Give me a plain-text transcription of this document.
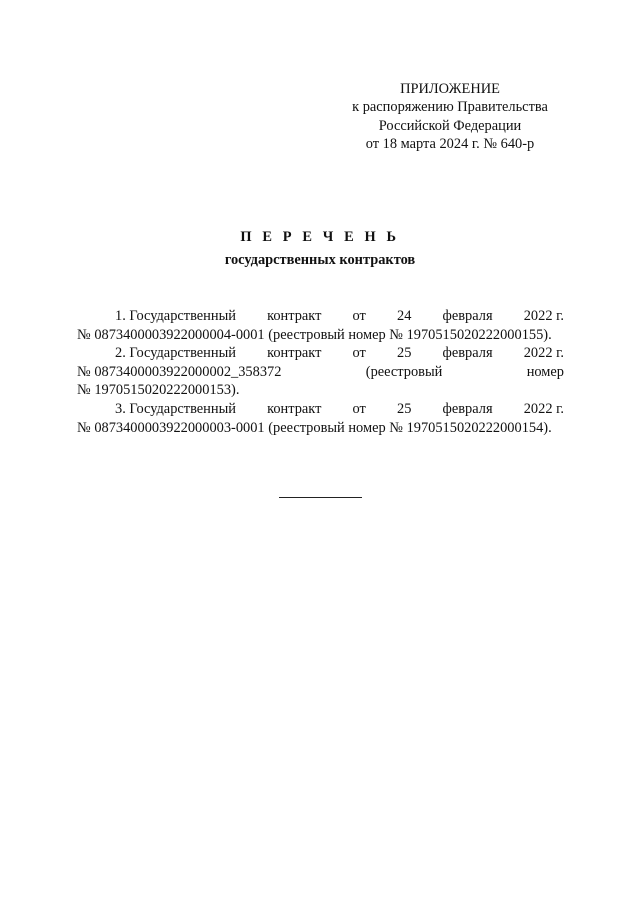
ПРИЛОЖЕНИЕ
к распоряжению Правительства
Российской Федерации
от 18 марта 2024 г. № 640-р
П Е Р Е Ч Е Н Ь
государственных контрактов
1. Государственный контракт от 24 февраля 2022 г.
№ 0873400003922000004-0001 (реестровый номер № 1970515020222000155).
2. Государственный контракт от 25 февраля 2022 г.
№ 0873400003922000002_358372	(реестровый	номер
№ 1970515020222000153).
3. Государственный контракт от 25 февраля 2022 г.
№ 0873400003922000003-0001 (реестровый номер № 1970515020222000154).
